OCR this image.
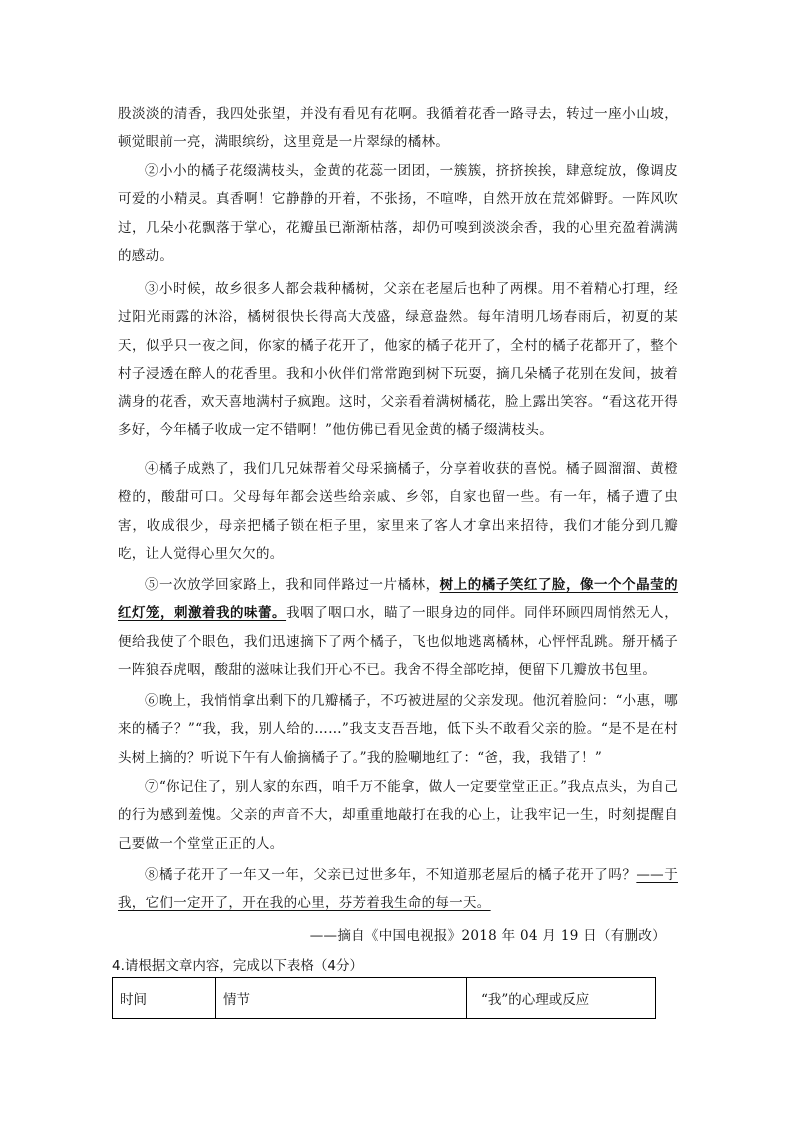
股淡淡的清香，我四处张望，并没有看见有花啊。我循着花香一路寻去，转过一座小山坡，顿觉眼前一亮，满眼缤纷，这里竟是一片翠绿的橘林。

②小小的橘子花缀满枝头，金黄的花蕊一团团，一簇簇，挤挤挨挨，肆意绽放，像调皮可爱的小精灵。真香啊！它静静的开着，不张扬，不喧哗，自然开放在荒郊僻野。一阵风吹过，几朵小花飘落于掌心，花瓣虽已渐渐枯落，却仍可嗅到淡淡余香，我的心里充盈着满满的感动。

③小时候，故乡很多人都会栽种橘树，父亲在老屋后也种了两棵。用不着精心打理，经过阳光雨露的沐浴，橘树很快长得高大茂盛，绿意盎然。每年清明几场春雨后，初夏的某天，似乎只一夜之间，你家的橘子花开了，他家的橘子花开了，全村的橘子花都开了，整个村子浸透在醉人的花香里。我和小伙伴们常常跑到树下玩耍，摘几朵橘子花别在发间，披着满身的花香，欢天喜地满村子疯跑。这时，父亲看着满树橘花，脸上露出笑容。“看这花开得多好，今年橘子收成一定不错啊！”他仿佛已看见金黄的橘子缀满枝头。

④橘子成熟了，我们几兄妹帮着父母采摘橘子，分享着收获的喜悦。橘子圆溜溜、黄橙橙的，酸甜可口。父母每年都会送些给亲戚、乡邻，自家也留一些。有一年，橘子遭了虫害，收成很少，母亲把橘子锁在柜子里，家里来了客人才拿出来招待，我们才能分到几瓣吃，让人觉得心里欠欠的。

⑤一次放学回家路上，我和同伴路过一片橘林，树上的橘子笑红了脸，像一个个晶莹的红灯笼，刺激着我的味蕾。我咽了咽口水，瞄了一眼身边的同伴。同伴环顾四周悄然无人，便给我使了个眼色，我们迅速摘下了两个橘子，飞也似地逃离橘林，心怦怦乱跳。掰开橘子一阵狼吞虎咽，酸甜的滋味让我们开心不已。我舍不得全部吃掉，便留下几瓣放书包里。

⑥晚上，我悄悄拿出剩下的几瓣橘子，不巧被进屋的父亲发现。他沉着脸问：“小惠，哪来的橘子？”“我，我，别人给的……”我支支吾吾地，低下头不敢看父亲的脸。“是不是在村头树上摘的？听说下午有人偷摘橘子了。”我的脸唰地红了：“爸，我，我错了！”

⑦“你记住了，别人家的东西，咱千万不能拿，做人一定要堂堂正正。”我点点头，为自己的行为感到羞愧。父亲的声音不大，却重重地敲打在我的心上，让我牢记一生，时刻提醒自己要做一个堂堂正正的人。

⑧橘子花开了一年又一年，父亲已过世多年，不知道那老屋后的橘子花开了吗？——于我，它们一定开了，开在我的心里，芬芳着我生命的每一天。

——摘自《中国电视报》2018 年 04 月 19 日（有删改）
4.请根据文章内容，完成以下表格（4分）
时间	情节	“我”的心理或反应
